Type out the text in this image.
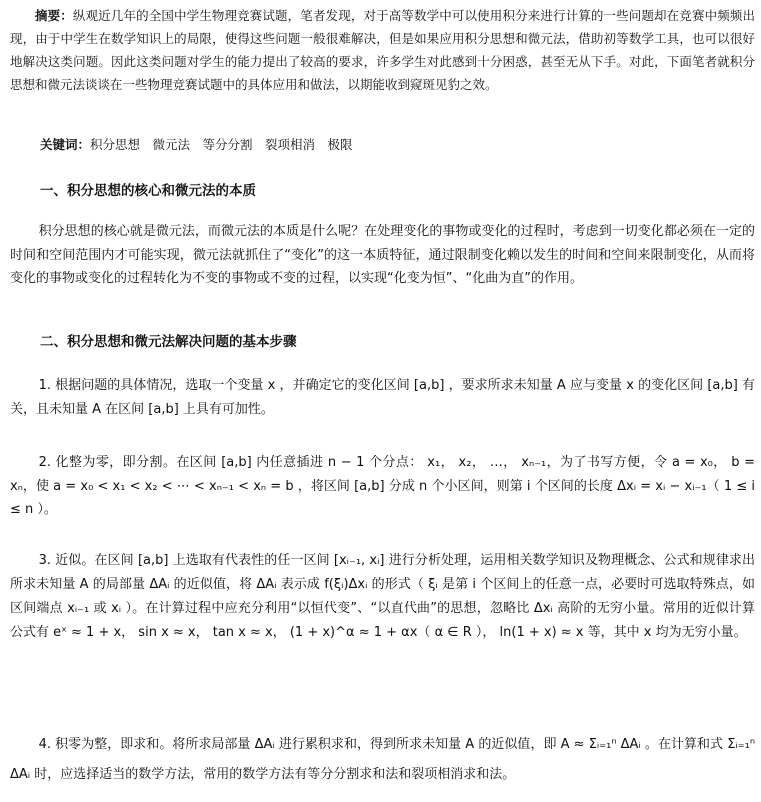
摘要：纵观近几年的全国中学生物理竞赛试题，笔者发现，对于高等数学中可以使用积分来进行计算的一些问题却在竞赛中频频出现，由于中学生在数学知识上的局限，使得这些问题一般很难解决，但是如果应用积分思想和微元法，借助初等数学工具，也可以很好地解决这类问题。因此这类问题对学生的能力提出了较高的要求，许多学生对此感到十分困惑，甚至无从下手。对此，下面笔者就积分思想和微元法谈谈在一些物理竞赛试题中的具体应用和做法，以期能收到窥斑见豹之效。

关键词：积分思想　微元法　等分分割　裂项相消　极限

一、积分思想的核心和微元法的本质

积分思想的核心就是微元法，而微元法的本质是什么呢？在处理变化的事物或变化的过程时，考虑到一切变化都必须在一定的时间和空间范围内才可能实现，微元法就抓住了“变化”的这一本质特征，通过限制变化赖以发生的时间和空间来限制变化，从而将变化的事物或变化的过程转化为不变的事物或不变的过程，以实现“化变为恒”、“化曲为直”的作用。

二、积分思想和微元法解决问题的基本步骤

1. 根据问题的具体情况，选取一个变量 x ，并确定它的变化区间 [a,b] ，要求所求未知量 A 应与变量 x 的变化区间 [a,b] 有关，且未知量 A 在区间 [a,b] 上具有可加性。

2. 化整为零，即分割。在区间 [a,b] 内任意插进 n − 1 个分点： x₁， x₂， …， xₙ₋₁，为了书写方便，令 a = x₀， b = xₙ，使 a = x₀ < x₁ < x₂ < ⋯ < xₙ₋₁ < xₙ = b ，将区间 [a,b] 分成 n 个小区间，则第 i 个区间的长度 Δxᵢ = xᵢ − xᵢ₋₁（ 1 ≤ i ≤ n ）。

3. 近似。在区间 [a,b] 上选取有代表性的任一区间 [xᵢ₋₁, xᵢ] 进行分析处理，运用相关数学知识及物理概念、公式和规律求出所求未知量 A 的局部量 ΔAᵢ 的近似值，将 ΔAᵢ 表示成 f(ξᵢ)Δxᵢ 的形式（ ξᵢ 是第 i 个区间上的任意一点，必要时可选取特殊点，如区间端点 xᵢ₋₁ 或 xᵢ ）。在计算过程中应充分利用“以恒代变”、“以直代曲”的思想，忽略比 Δxᵢ 高阶的无穷小量。常用的近似计算公式有 eˣ ≈ 1 + x， sin x ≈ x， tan x ≈ x， (1 + x)^α ≈ 1 + αx（ α ∈ R ）， ln(1 + x) ≈ x 等，其中 x 均为无穷小量。

4. 积零为整，即求和。将所求局部量 ΔAᵢ 进行累积求和，得到所求未知量 A 的近似值，即 A ≈ Σᵢ₌₁ⁿ ΔAᵢ 。在计算和式 Σᵢ₌₁ⁿ ΔAᵢ 时，应选择适当的数学方法，常用的数学方法有等分分割求和法和裂项相消求和法。
